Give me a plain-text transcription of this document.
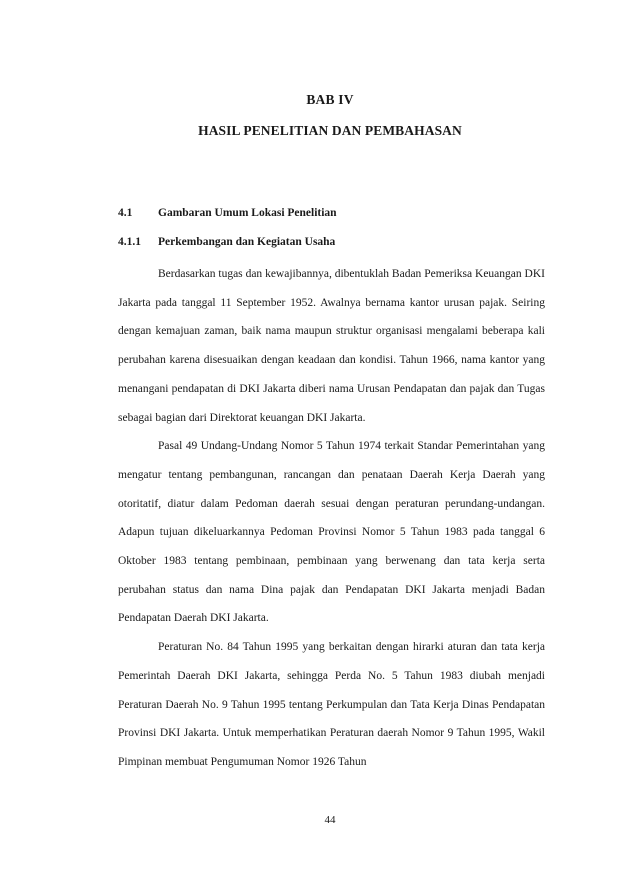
BAB IV
HASIL PENELITIAN DAN PEMBAHASAN
4.1 Gambaran Umum Lokasi Penelitian
4.1.1 Perkembangan dan Kegiatan Usaha

Berdasarkan tugas dan kewajibannya, dibentuklah Badan Pemeriksa Keuangan DKI Jakarta pada tanggal 11 September 1952. Awalnya bernama kantor urusan pajak. Seiring dengan kemajuan zaman, baik nama maupun struktur organisasi mengalami beberapa kali perubahan karena disesuaikan dengan keadaan dan kondisi. Tahun 1966, nama kantor yang menangani pendapatan di DKI Jakarta diberi nama Urusan Pendapatan dan pajak dan Tugas sebagai bagian dari Direktorat keuangan DKI Jakarta.

Pasal 49 Undang-Undang Nomor 5 Tahun 1974 terkait Standar Pemerintahan yang mengatur tentang pembangunan, rancangan dan penataan Daerah Kerja Daerah yang otoritatif, diatur dalam Pedoman daerah sesuai dengan peraturan perundang-undangan. Adapun tujuan dikeluarkannya Pedoman Provinsi Nomor 5 Tahun 1983 pada tanggal 6 Oktober 1983 tentang pembinaan, pembinaan yang berwenang dan tata kerja serta perubahan status dan nama Dina pajak dan Pendapatan DKI Jakarta menjadi Badan Pendapatan Daerah DKI Jakarta.

Peraturan No. 84 Tahun 1995 yang berkaitan dengan hirarki aturan dan tata kerja Pemerintah Daerah DKI Jakarta, sehingga Perda No. 5 Tahun 1983 diubah menjadi Peraturan Daerah No. 9 Tahun 1995 tentang Perkumpulan dan Tata Kerja Dinas Pendapatan Provinsi DKI Jakarta. Untuk memperhatikan Peraturan daerah Nomor 9 Tahun 1995, Wakil Pimpinan membuat Pengumuman Nomor 1926 Tahun

44
